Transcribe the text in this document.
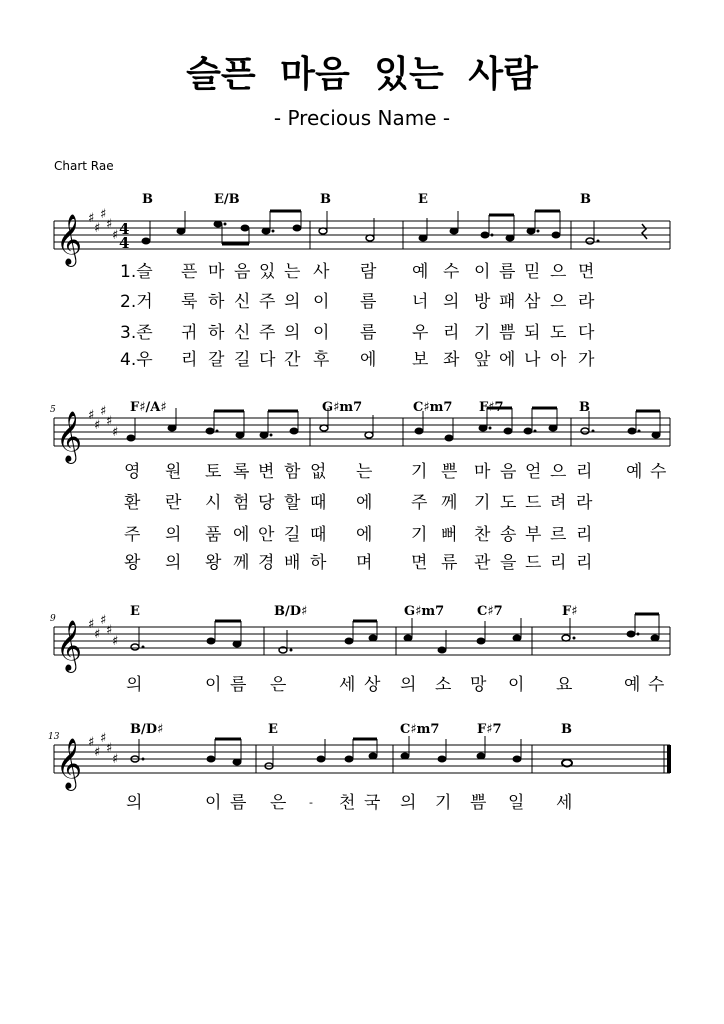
슬픈 마음 있는 사람
- Precious Name -
Chart Rae
𝄞 ♯
♯
♯
♯
♯ 4
4
B	E/B	B	E	B
1.슬 픈 마 음 있 는 사 람 예 수 이 름 믿 으 면
2.거 룩 하 신 주 의 이 름 너 의 방 패 삼 으 라
3.존 귀 하 신 주 의 이 름 우 리 기 쁨 되 도 다
4.우 리 갈 길 다 간 후 에 보 좌 앞 에 나 아 가
5
𝄞 ♯
♯
♯
♯
♯
F♯/A♯	G♯m7	C♯m7 F♯7	B
영 원 토 록 변 함 없 는 기 쁜 마 음 얻 으 리 예 수
환 란 시 험 당 할 때 에 주 께 기 도 드 려 라
주 의 품 에 안 길 때 에 기 뻐 찬 송 부 르 리
왕 의 왕 께 경 배 하 며 면 류 관 을 드 리 리
9
𝄞 ♯
♯
♯
♯
♯
E	B/D♯	G♯m7	C♯7	F♯
의	이 름 은	세 상 의 소 망 이 요	예 수
13
𝄞 ♯
♯
♯
♯
♯
B/D♯	E	C♯m7	F♯7	B
의	이 름 은 - 천 국 의 기 쁨 일 세
